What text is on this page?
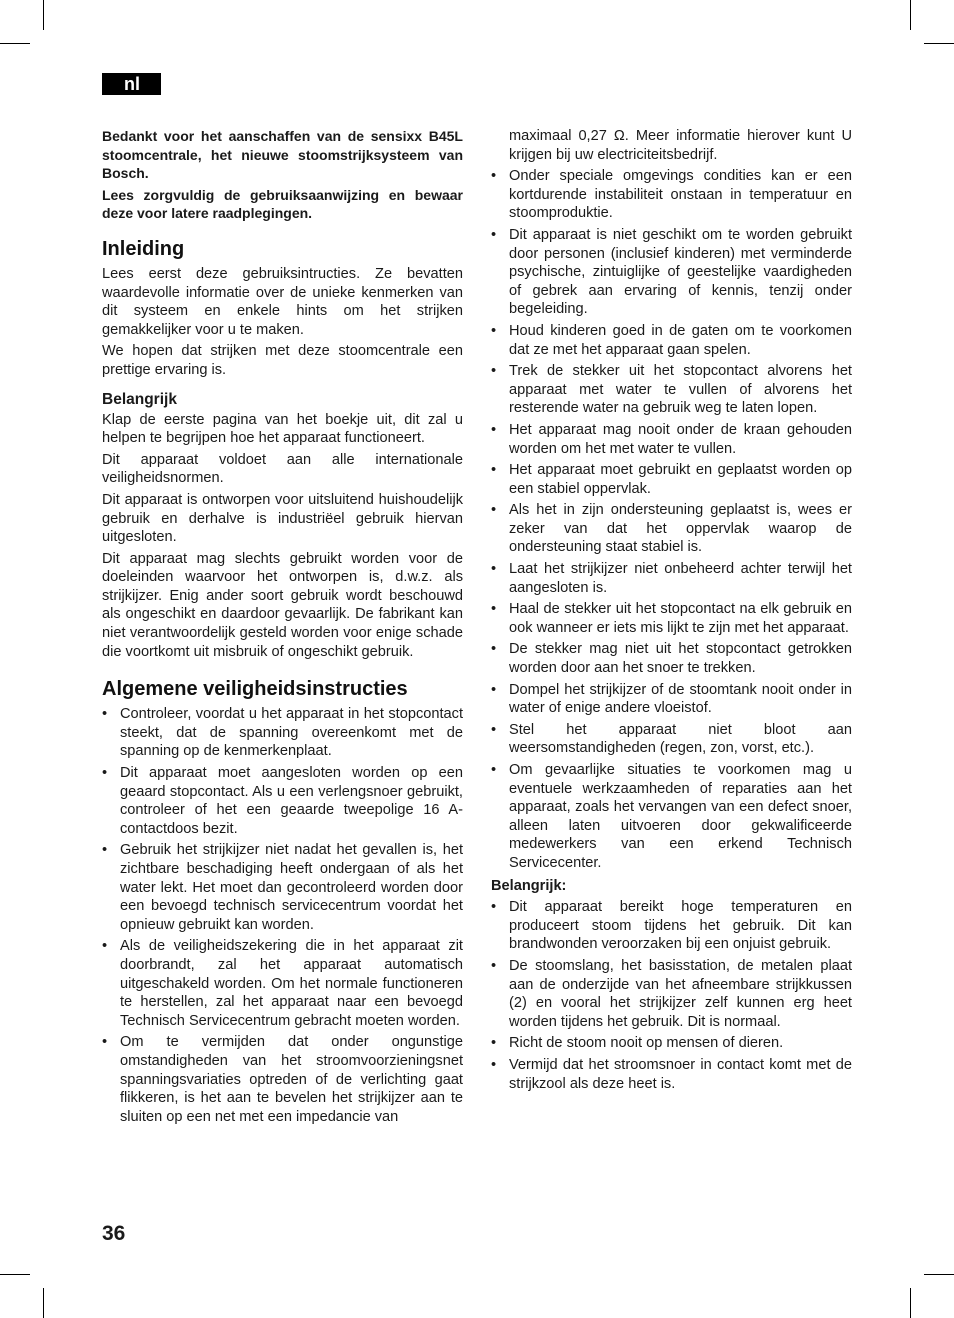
nl

Bedankt voor het aanschaffen van de sensixx B45L stoomcentrale, het nieuwe stoomstrijksysteem van Bosch.

Lees zorgvuldig de gebruiksaanwijzing en bewaar deze voor latere raadplegingen.

Inleiding

Lees eerst deze gebruiksintructies. Ze bevatten waardevolle informatie over de unieke kenmerken van dit systeem en enkele hints om het strijken gemakkelijker voor u te maken.

We hopen dat strijken met deze stoomcentrale een prettige ervaring is.

Belangrijk

Klap de eerste pagina van het boekje uit, dit zal u helpen te begrijpen hoe het apparaat functioneert.

Dit apparaat voldoet aan alle internationale veiligheidsnormen.

Dit apparaat is ontworpen voor uitsluitend huishoudelijk gebruik en derhalve is industriëel gebruik hiervan uitgesloten.

Dit apparaat mag slechts gebruikt worden voor de doeleinden waarvoor het ontworpen is, d.w.z. als strijkijzer. Enig ander soort gebruik wordt beschouwd als ongeschikt en daardoor gevaarlijk. De fabrikant kan niet verantwoordelijk gesteld worden voor enige schade die voortkomt uit misbruik of ongeschikt gebruik.

Algemene veiligheidsinstructies
• Controleer, voordat u het apparaat in het stopcontact steekt, dat de spanning overeenkomt met de spanning op de kenmerkenplaat.
• Dit apparaat moet aangesloten worden op een geaard stopcontact. Als u een verlengsnoer gebruikt, controleer of het een geaarde tweepolige 16 A-contactdoos bezit.
• Gebruik het strijkijzer niet nadat het gevallen is, het zichtbare beschadiging heeft ondergaan of als het water lekt. Het moet dan gecontroleerd worden door een bevoegd technisch servicecentrum voordat het opnieuw gebruikt kan worden.
• Als de veiligheidszekering die in het apparaat zit doorbrandt, zal het apparaat automatisch uitgeschakeld worden. Om het normale functioneren te herstellen, zal het apparaat naar een bevoegd Technisch Servicecentrum gebracht moeten worden.
• Om te vermijden dat onder ongunstige omstandigheden van het stroomvoorzieningsnet spanningsvariaties optreden of de verlichting gaat flikkeren, is het aan te bevelen het strijkijzer aan te sluiten op een net met een impedancie van
maximaal 0,27 Ω. Meer informatie hierover kunt U krijgen bij uw electriciteitsbedrijf.
• Onder speciale omgevings condities kan er een kortdurende instabiliteit onstaan in temperatuur en stoomproduktie.
• Dit apparaat is niet geschikt om te worden gebruikt door personen (inclusief kinderen) met verminderde psychische, zintuiglijke of geestelijke vaardigheden of gebrek aan ervaring of kennis, tenzij onder begeleiding.
• Houd kinderen goed in de gaten om te voorkomen dat ze met het apparaat gaan spelen.
• Trek de stekker uit het stopcontact alvorens het apparaat met water te vullen of alvorens het resterende water na gebruik weg te laten lopen.
• Het apparaat mag nooit onder de kraan gehouden worden om het met water te vullen.
• Het apparaat moet gebruikt en geplaatst worden op een stabiel oppervlak.
• Als het in zijn ondersteuning geplaatst is, wees er zeker van dat het oppervlak waarop de ondersteuning staat stabiel is.
• Laat het strijkijzer niet onbeheerd achter terwijl het aangesloten is.
• Haal de stekker uit het stopcontact na elk gebruik en ook wanneer er iets mis lijkt te zijn met het apparaat.
• De stekker mag niet uit het stopcontact getrokken worden door aan het snoer te trekken.
• Dompel het strijkijzer of de stoomtank nooit onder in water of enige andere vloeistof.
• Stel het apparaat niet bloot aan weersomstandigheden (regen, zon, vorst, etc.).
• Om gevaarlijke situaties te voorkomen mag u eventuele werkzaamheden of reparaties aan het apparaat, zoals het vervangen van een defect snoer, alleen laten uitvoeren door gekwalificeerde medewerkers van een erkend Technisch Servicecenter.
Belangrijk:
• Dit apparaat bereikt hoge temperaturen en produceert stoom tijdens het gebruik. Dit kan brandwonden veroorzaken bij een onjuist gebruik.
• De stoomslang, het basisstation, de metalen plaat aan de onderzijde van het afneembare strijkkussen (2) en vooral het strijkijzer zelf kunnen erg heet worden tijdens het gebruik. Dit is normaal.
• Richt de stoom nooit op mensen of dieren.
• Vermijd dat het stroomsnoer in contact komt met de strijkzool als deze heet is.
36
